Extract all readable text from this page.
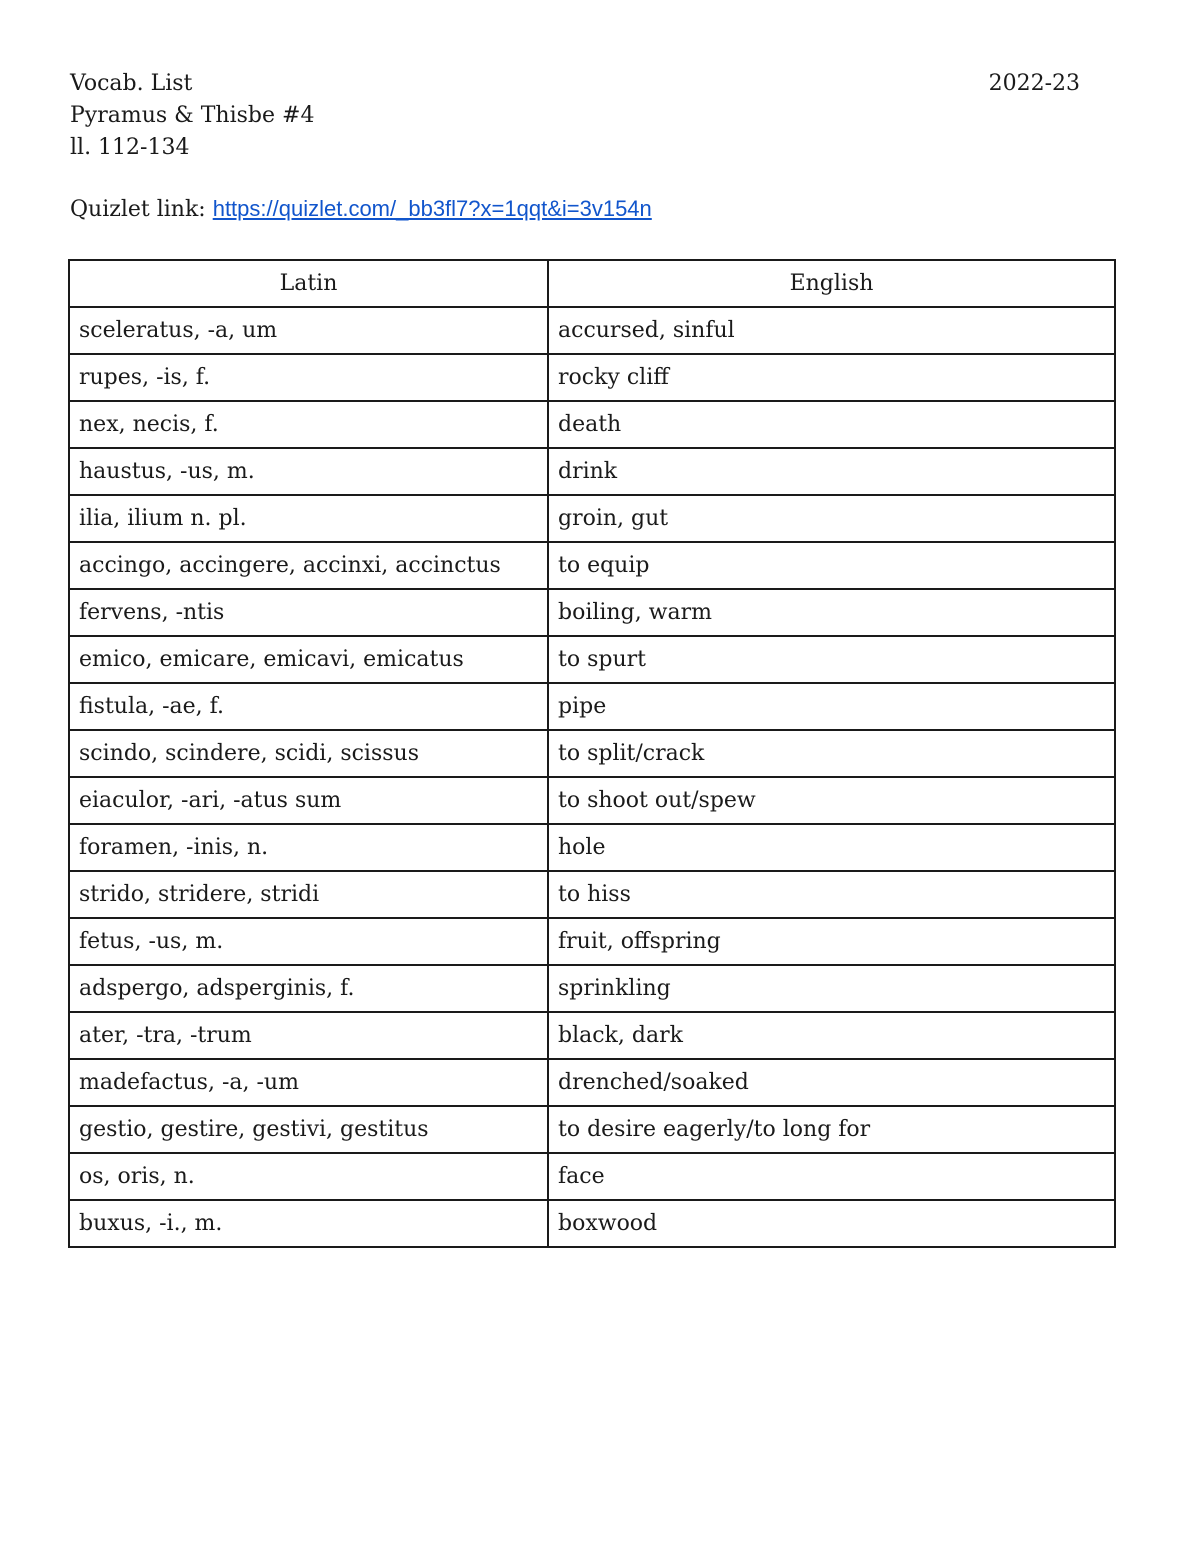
Vocab. List
Pyramus & Thisbe #4
ll. 112-134
2022-23
Quizlet link: https://quizlet.com/_bb3fl7?x=1qqt&i=3v154n
Latin	English
sceleratus, -a, um	accursed, sinful
rupes, -is, f.	rocky cliff
nex, necis, f.	death
haustus, -us, m.	drink
ilia, ilium n. pl.	groin, gut
accingo, accingere, accinxi, accinctus	to equip
fervens, -ntis	boiling, warm
emico, emicare, emicavi, emicatus	to spurt
fistula, -ae, f.	pipe
scindo, scindere, scidi, scissus	to split/crack
eiaculor, -ari, -atus sum	to shoot out/spew
foramen, -inis, n.	hole
strido, stridere, stridi	to hiss
fetus, -us, m.	fruit, offspring
adspergo, adsperginis, f.	sprinkling
ater, -tra, -trum	black, dark
madefactus, -a, -um	drenched/soaked
gestio, gestire, gestivi, gestitus	to desire eagerly/to long for
os, oris, n.	face
buxus, -i., m.	boxwood
